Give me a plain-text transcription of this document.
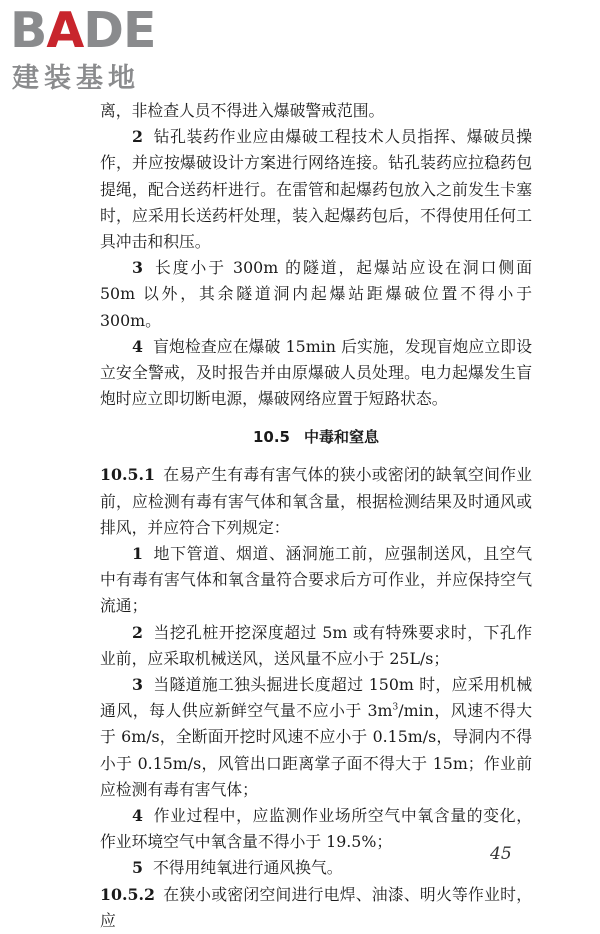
BADE
建装基地

离，非检查人员不得进入爆破警戒范围。

2 钻孔装药作业应由爆破工程技术人员指挥、爆破员操作，并应按爆破设计方案进行网络连接。钻孔装药应拉稳药包提绳，配合送药杆进行。在雷管和起爆药包放入之前发生卡塞时，应采用长送药杆处理，装入起爆药包后，不得使用任何工具冲击和积压。

3 长度小于 300m 的隧道，起爆站应设在洞口侧面 50m 以外，其余隧道洞内起爆站距爆破位置不得小于 300m。

4 盲炮检查应在爆破 15min 后实施，发现盲炮应立即设立安全警戒，及时报告并由原爆破人员处理。电力起爆发生盲炮时应立即切断电源，爆破网络应置于短路状态。

10.5 中毒和窒息

10.5.1 在易产生有毒有害气体的狭小或密闭的缺氧空间作业前，应检测有毒有害气体和氧含量，根据检测结果及时通风或排风，并应符合下列规定：

1 地下管道、烟道、涵洞施工前，应强制送风，且空气中有毒有害气体和氧含量符合要求后方可作业，并应保持空气流通；

2 当挖孔桩开挖深度超过 5m 或有特殊要求时，下孔作业前，应采取机械送风，送风量不应小于 25L/s；

3 当隧道施工独头掘进长度超过 150m 时，应采用机械通风，每人供应新鲜空气量不应小于 $3m^3/\min$，风速不得大于 6m/s，全断面开挖时风速不应小于 0.15m/s，导洞内不得小于 0.15m/s，风管出口距离掌子面不得大于 15m；作业前应检测有毒有害气体；

4 作业过程中，应监测作业场所空气中氧含量的变化，作业环境空气中氧含量不得小于 19.5%；

5 不得用纯氧进行通风换气。

10.5.2 在狭小或密闭空间进行电焊、油漆、明火等作业时，应

45
